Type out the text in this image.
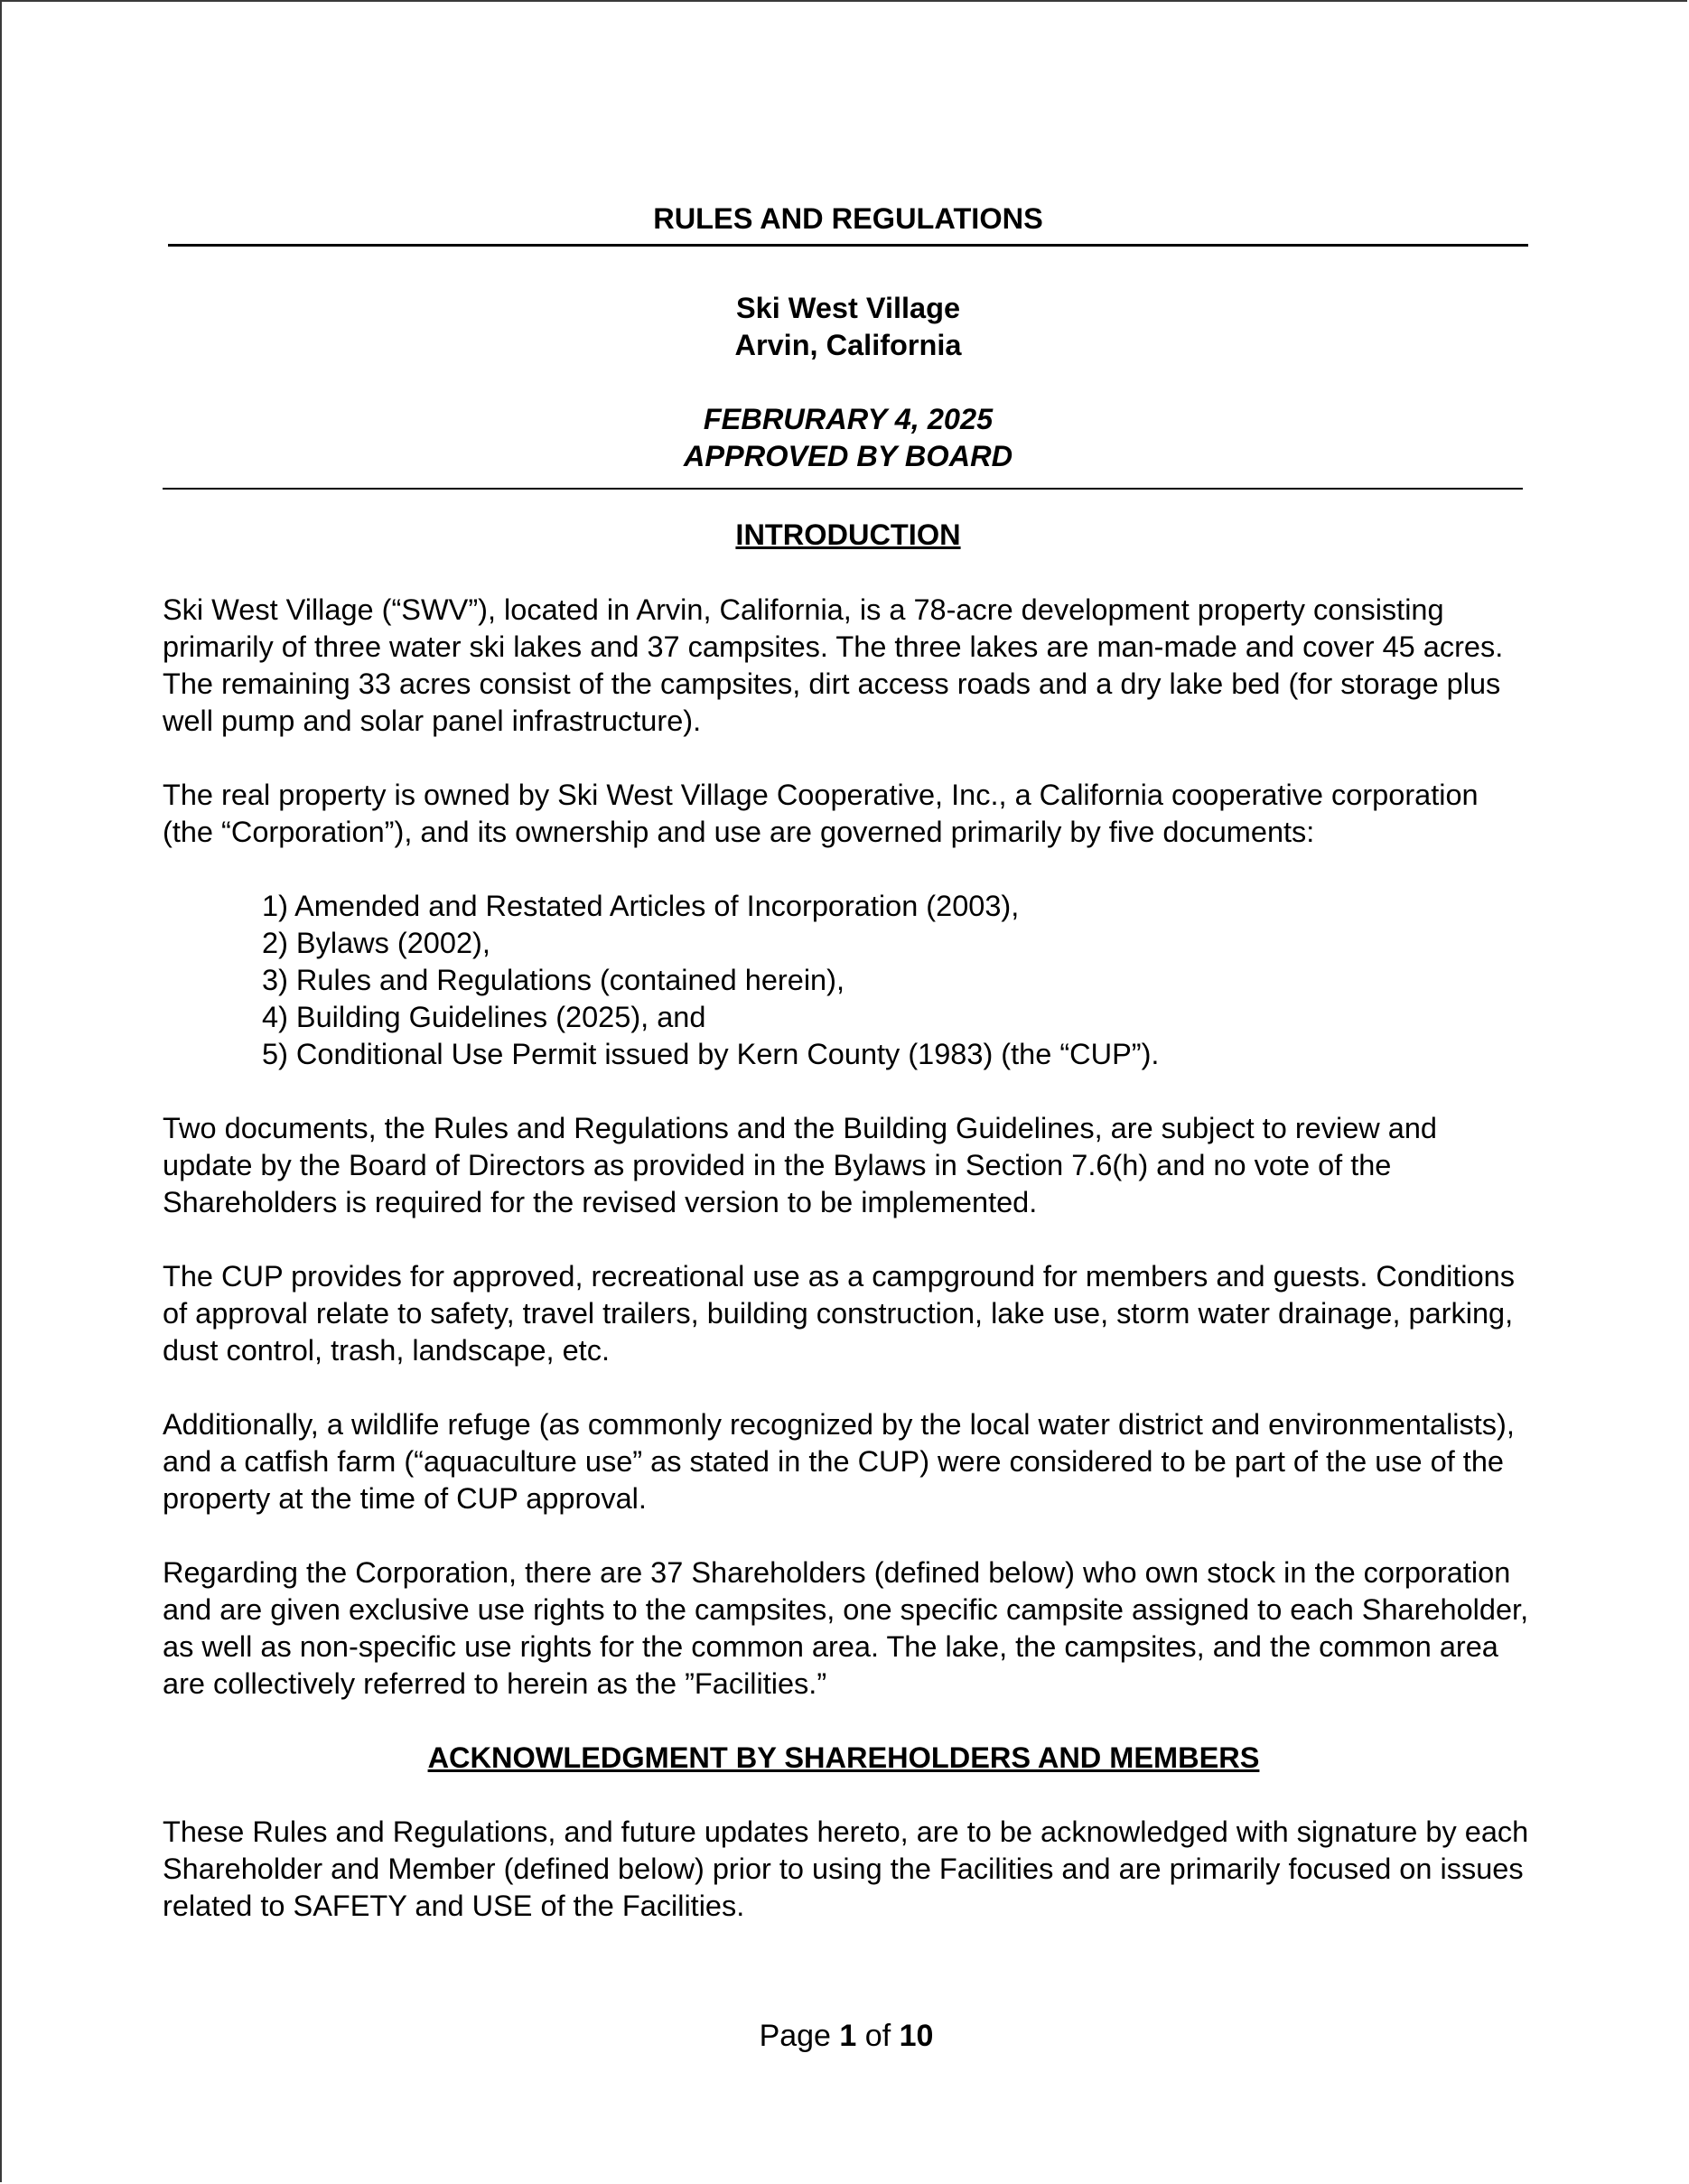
RULES AND REGULATIONS
Ski West Village
Arvin, California
FEBRURARY 4, 2025
APPROVED BY BOARD
INTRODUCTION

Ski West Village (“SWV”), located in Arvin, California, is a 78-acre development property consisting primarily of three water ski lakes and 37 campsites. The three lakes are man-made and cover 45 acres. The remaining 33 acres consist of the campsites, dirt access roads and a dry lake bed (for storage plus well pump and solar panel infrastructure).

The real property is owned by Ski West Village Cooperative, Inc., a California cooperative corporation (the “Corporation”), and its ownership and use are governed primarily by five documents:

1) Amended and Restated Articles of Incorporation (2003),
2) Bylaws (2002),
3) Rules and Regulations (contained herein),
4) Building Guidelines (2025), and
5) Conditional Use Permit issued by Kern County (1983) (the “CUP”).

Two documents, the Rules and Regulations and the Building Guidelines, are subject to review and update by the Board of Directors as provided in the Bylaws in Section 7.6(h) and no vote of the Shareholders is required for the revised version to be implemented.

The CUP provides for approved, recreational use as a campground for members and guests. Conditions of approval relate to safety, travel trailers, building construction, lake use, storm water drainage, parking, dust control, trash, landscape, etc.

Additionally, a wildlife refuge (as commonly recognized by the local water district and environmentalists), and a catfish farm (“aquaculture use” as stated in the CUP) were considered to be part of the use of the property at the time of CUP approval.

Regarding the Corporation, there are 37 Shareholders (defined below) who own stock in the corporation and are given exclusive use rights to the campsites, one specific campsite assigned to each Shareholder, as well as non-specific use rights for the common area. The lake, the campsites, and the common area are collectively referred to herein as the ”Facilities.”

ACKNOWLEDGMENT BY SHAREHOLDERS AND MEMBERS

These Rules and Regulations, and future updates hereto, are to be acknowledged with signature by each Shareholder and Member (defined below) prior to using the Facilities and are primarily focused on issues related to SAFETY and USE of the Facilities.

Page 1 of 10
